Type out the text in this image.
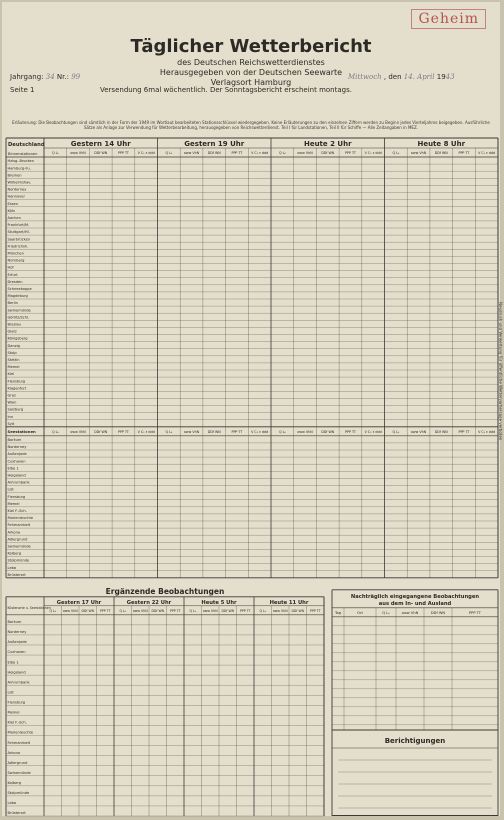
Geheim
Täglicher Wetterbericht
des Deutschen Reichswetterdienstes
Herausgegeben von der Deutschen Seewarte
Verlagsort Hamburg
Jahrgang: 34 Nr.: 99	Mittwoch , den 14. April 1943
Seite 1	Versendung 6mal wöchentlich. Der Sonntagsbericht erscheint montags.
Erläuterung: Die Beobachtungen sind sämtlich in der Form der 1949 im Wortlaut bearbeiteten Stationsschlüssel wiedergegeben. Keine Erläuterungen zu den einzelnen Ziffern werden zu Beginn jedes Vierteljahres beigegeben. Ausführliche Sätze als Anlage zur Verwendung für Wetterbearbeitung, herausgegeben von Reichswetterdienst. Teil I für Landstationen, Teil II für Schiffe — Alle Zeitangaben in MEZ.
Neudruck und Verwertung für öffentliche Wettervorhersage verboten
Deutschland
Binnenstationen
Gestern 14 Uhr	Gestern 19 Uhr	Heute 2 Uhr	Heute 8 Uhr
Q L₀	oww VhN	DDf WN	PPP TT	V C₁ ε ddd	Q L₀	oww VhN	DDf WN	PPP TT	V C₁ ε ddd	Q L₀	oww VhN	DDf WN	PPP TT	V C₁ ε ddd	Q L₀	oww VhN	DDf WN	PPP TT	V C₁ ε ddd
Hzlsg.-Brocken
Hamburg-Fu.
Bremen
Wilhelmshav.
Norderney
Hannover
Essen
Köln
Aachen
Frankfurt/M.
Stuttgart/Hl.
Saarbrücken
Friedrichsh.
München
Nürnberg
Hof
Erfurt
Dresden
Schneekoppe
Magdeburg
Berlin
Swinemünde
Görlitz/Schl.
Breslau
Glatz
Königsberg
Danzig
Stolp
Stettin
Memel
Kiel
Flensburg
Klagenfurt
Graz
Wien
Salzburg
Inn
Sylt
Seestationen	Q L₀	oww VhN	DDf WN	PPP TT	V C₁ ε ddd	Q L₀	oww VhN	DDf WN	PPP TT	V C₁ ε ddd	Q L₀	oww VhN	DDf WN	PPP TT	V C₁ ε ddd	Q L₀	oww VhN	DDf WN	PPP TT	V C₁ ε ddd
Borkum
Norderney
Außenjade
Cuxhaven
Elbe 1
Helgoland
Amrumbank
List
Flensburg
Memel
Kiel F.-Sch.
Marienleuchte
Fehmarnbelt
Arkona
Adlergrund
Swinemünde
Kolberg
Stolpmünde
Leba
Brüsterort
Ergänzende Beobachtungen
Gestern 17 Uhr	Gestern 22 Uhr	Heute 5 Uhr	Heute 11 Uhr
Q L₀ oww VhN DDf WN PPP TT	Q L₀ oww VhN DDf WN PPP TT	Q L₀ oww VhN DDf WN PPP TT	Q L₀ oww VhN DDf WN PPP TT
Küstenorte u. Seestationen
Borkum
Norderney
Außenjade
Cuxhaven
Elbe 1
Helgoland
Amrumbank
List
Flensburg
Memel
Kiel F.-Sch.
Marienleuchte
Fehmarnbelt
Arkona
Adlergrund
Swinemünde
Kolberg
Stolpmünde
Leba
Brüsterort
Nachträglich eingegangene Beobachtungen
aus dem In- und Ausland
Tag	Ort	Q L₀	oww VhN	DDf WN	PPP TT
Berichtigungen
